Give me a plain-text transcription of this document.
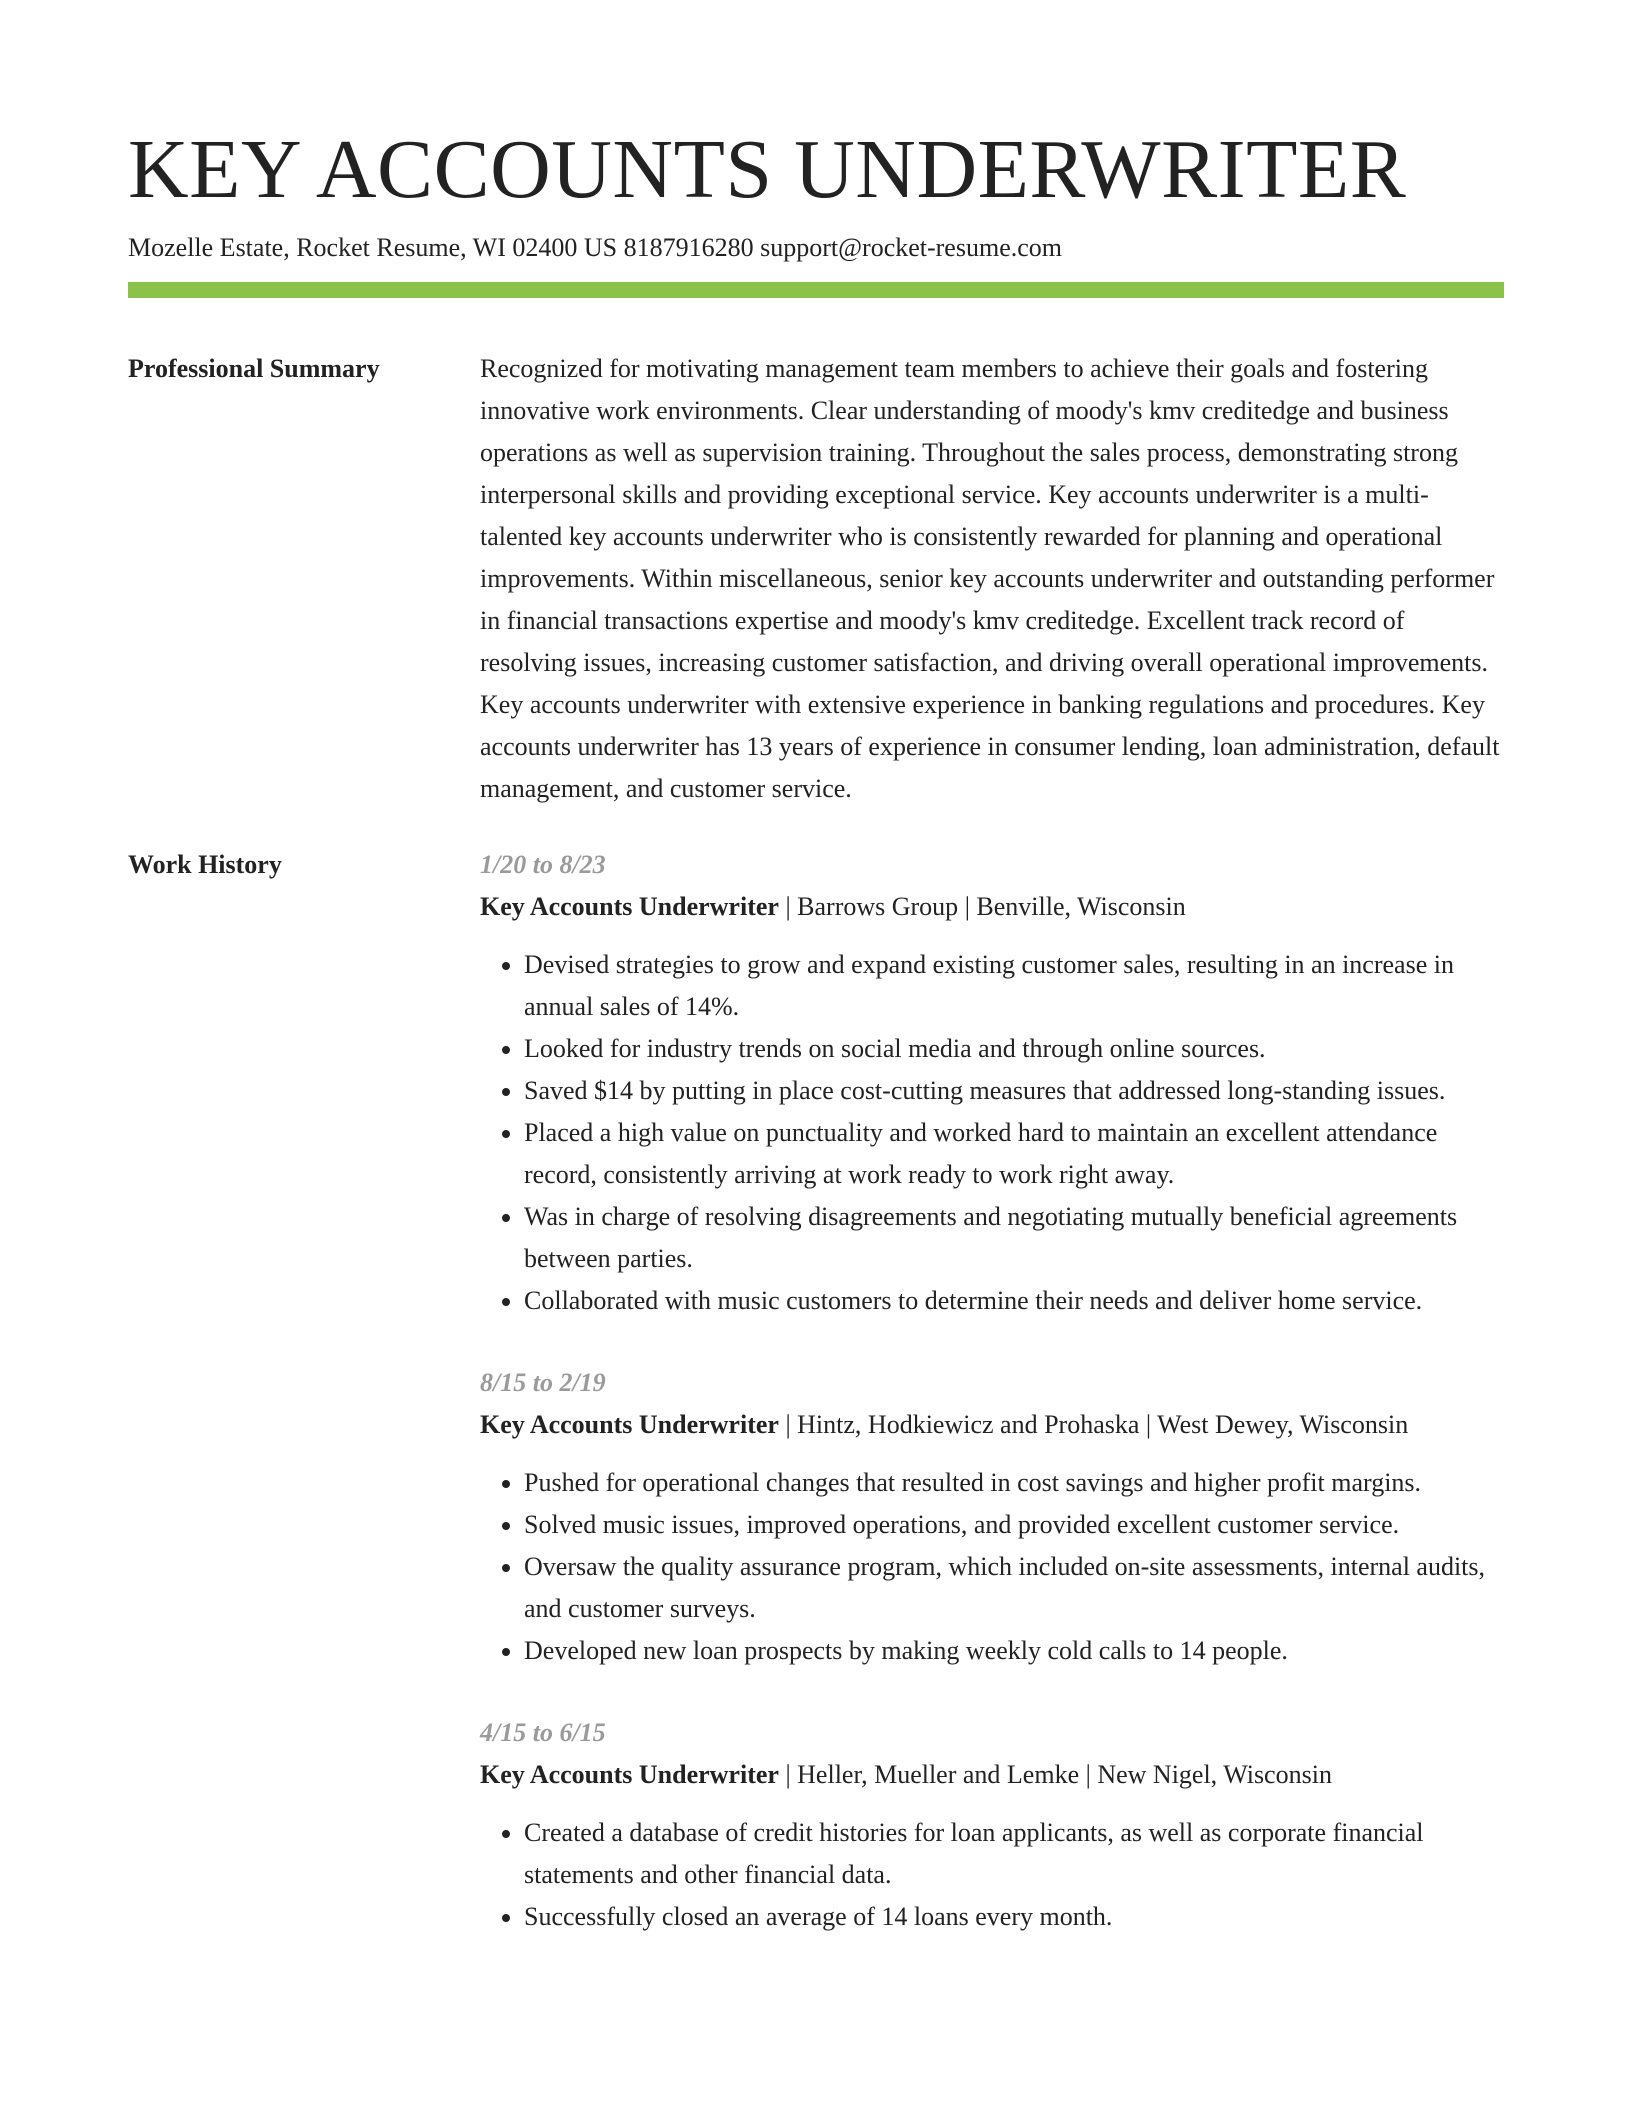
KEY ACCOUNTS UNDERWRITER
Mozelle Estate, Rocket Resume, WI 02400 US 8187916280 support@rocket-resume.com
Professional Summary	Recognized for motivating management team members to achieve their goals and fostering innovative work environments. Clear understanding of moody's kmv creditedge and business operations as well as supervision training. Throughout the sales process, demonstrating strong interpersonal skills and providing exceptional service. Key accounts underwriter is a multi-talented key accounts underwriter who is consistently rewarded for planning and operational improvements. Within miscellaneous, senior key accounts underwriter and outstanding performer in financial transactions expertise and moody's kmv creditedge. Excellent track record of resolving issues, increasing customer satisfaction, and driving overall operational improvements. Key accounts underwriter with extensive experience in banking regulations and procedures. Key accounts underwriter has 13 years of experience in consumer lending, loan administration, default management, and customer service.

Work History	1/20 to 8/23
Key Accounts Underwriter | Barrows Group | Benville, Wisconsin
• Devised strategies to grow and expand existing customer sales, resulting in an increase in annual sales of 14%.
• Looked for industry trends on social media and through online sources.
• Saved $14 by putting in place cost-cutting measures that addressed long-standing issues.
• Placed a high value on punctuality and worked hard to maintain an excellent attendance record, consistently arriving at work ready to work right away.
• Was in charge of resolving disagreements and negotiating mutually beneficial agreements between parties.
• Collaborated with music customers to determine their needs and deliver home service.
8/15 to 2/19
Key Accounts Underwriter | Hintz, Hodkiewicz and Prohaska | West Dewey, Wisconsin
• Pushed for operational changes that resulted in cost savings and higher profit margins.
• Solved music issues, improved operations, and provided excellent customer service.
• Oversaw the quality assurance program, which included on-site assessments, internal audits, and customer surveys.
• Developed new loan prospects by making weekly cold calls to 14 people.
4/15 to 6/15
Key Accounts Underwriter | Heller, Mueller and Lemke | New Nigel, Wisconsin
• Created a database of credit histories for loan applicants, as well as corporate financial statements and other financial data.
• Successfully closed an average of 14 loans every month.
